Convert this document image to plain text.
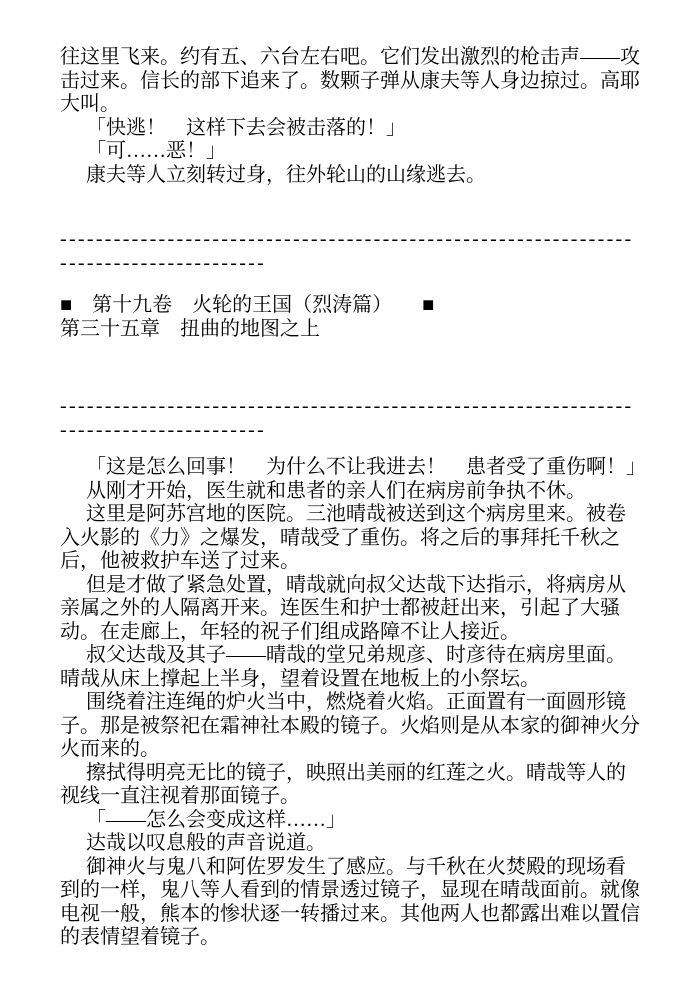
往这里飞来。约有五、六台左右吧。它们发出激烈的枪击声——攻击过来。信长的部下追来了。数颗子弹从康夫等人身边掠过。高耶大叫。

「快逃！　这样下去会被击落的！」

「可……恶！」

康夫等人立刻转过身，往外轮山的山缘逃去。

----------------------------------------------------------------
-----------------------

■　第十九卷　火轮的王国（烈涛篇）　　■

第三十五章　扭曲的地图之上

----------------------------------------------------------------
-----------------------

「这是怎么回事！　为什么不让我进去！　患者受了重伤啊！」

从刚才开始，医生就和患者的亲人们在病房前争执不休。

这里是阿苏宫地的医院。三池晴哉被送到这个病房里来。被卷入火影的《力》之爆发，晴哉受了重伤。将之后的事拜托千秋之后，他被救护车送了过来。

但是才做了紧急处置，晴哉就向叔父达哉下达指示，将病房从亲属之外的人隔离开来。连医生和护士都被赶出来，引起了大骚动。在走廊上，年轻的祝子们组成路障不让人接近。

叔父达哉及其子——晴哉的堂兄弟规彦、时彦待在病房里面。晴哉从床上撑起上半身，望着设置在地板上的小祭坛。

围绕着注连绳的炉火当中，燃烧着火焰。正面置有一面圆形镜子。那是被祭祀在霜神社本殿的镜子。火焰则是从本家的御神火分火而来的。

擦拭得明亮无比的镜子，映照出美丽的红莲之火。晴哉等人的视线一直注视着那面镜子。

「——怎么会变成这样……」

达哉以叹息般的声音说道。

御神火与鬼八和阿佐罗发生了感应。与千秋在火焚殿的现场看到的一样，鬼八等人看到的情景透过镜子，显现在晴哉面前。就像电视一般，熊本的惨状逐一转播过来。其他两人也都露出难以置信的表情望着镜子。
